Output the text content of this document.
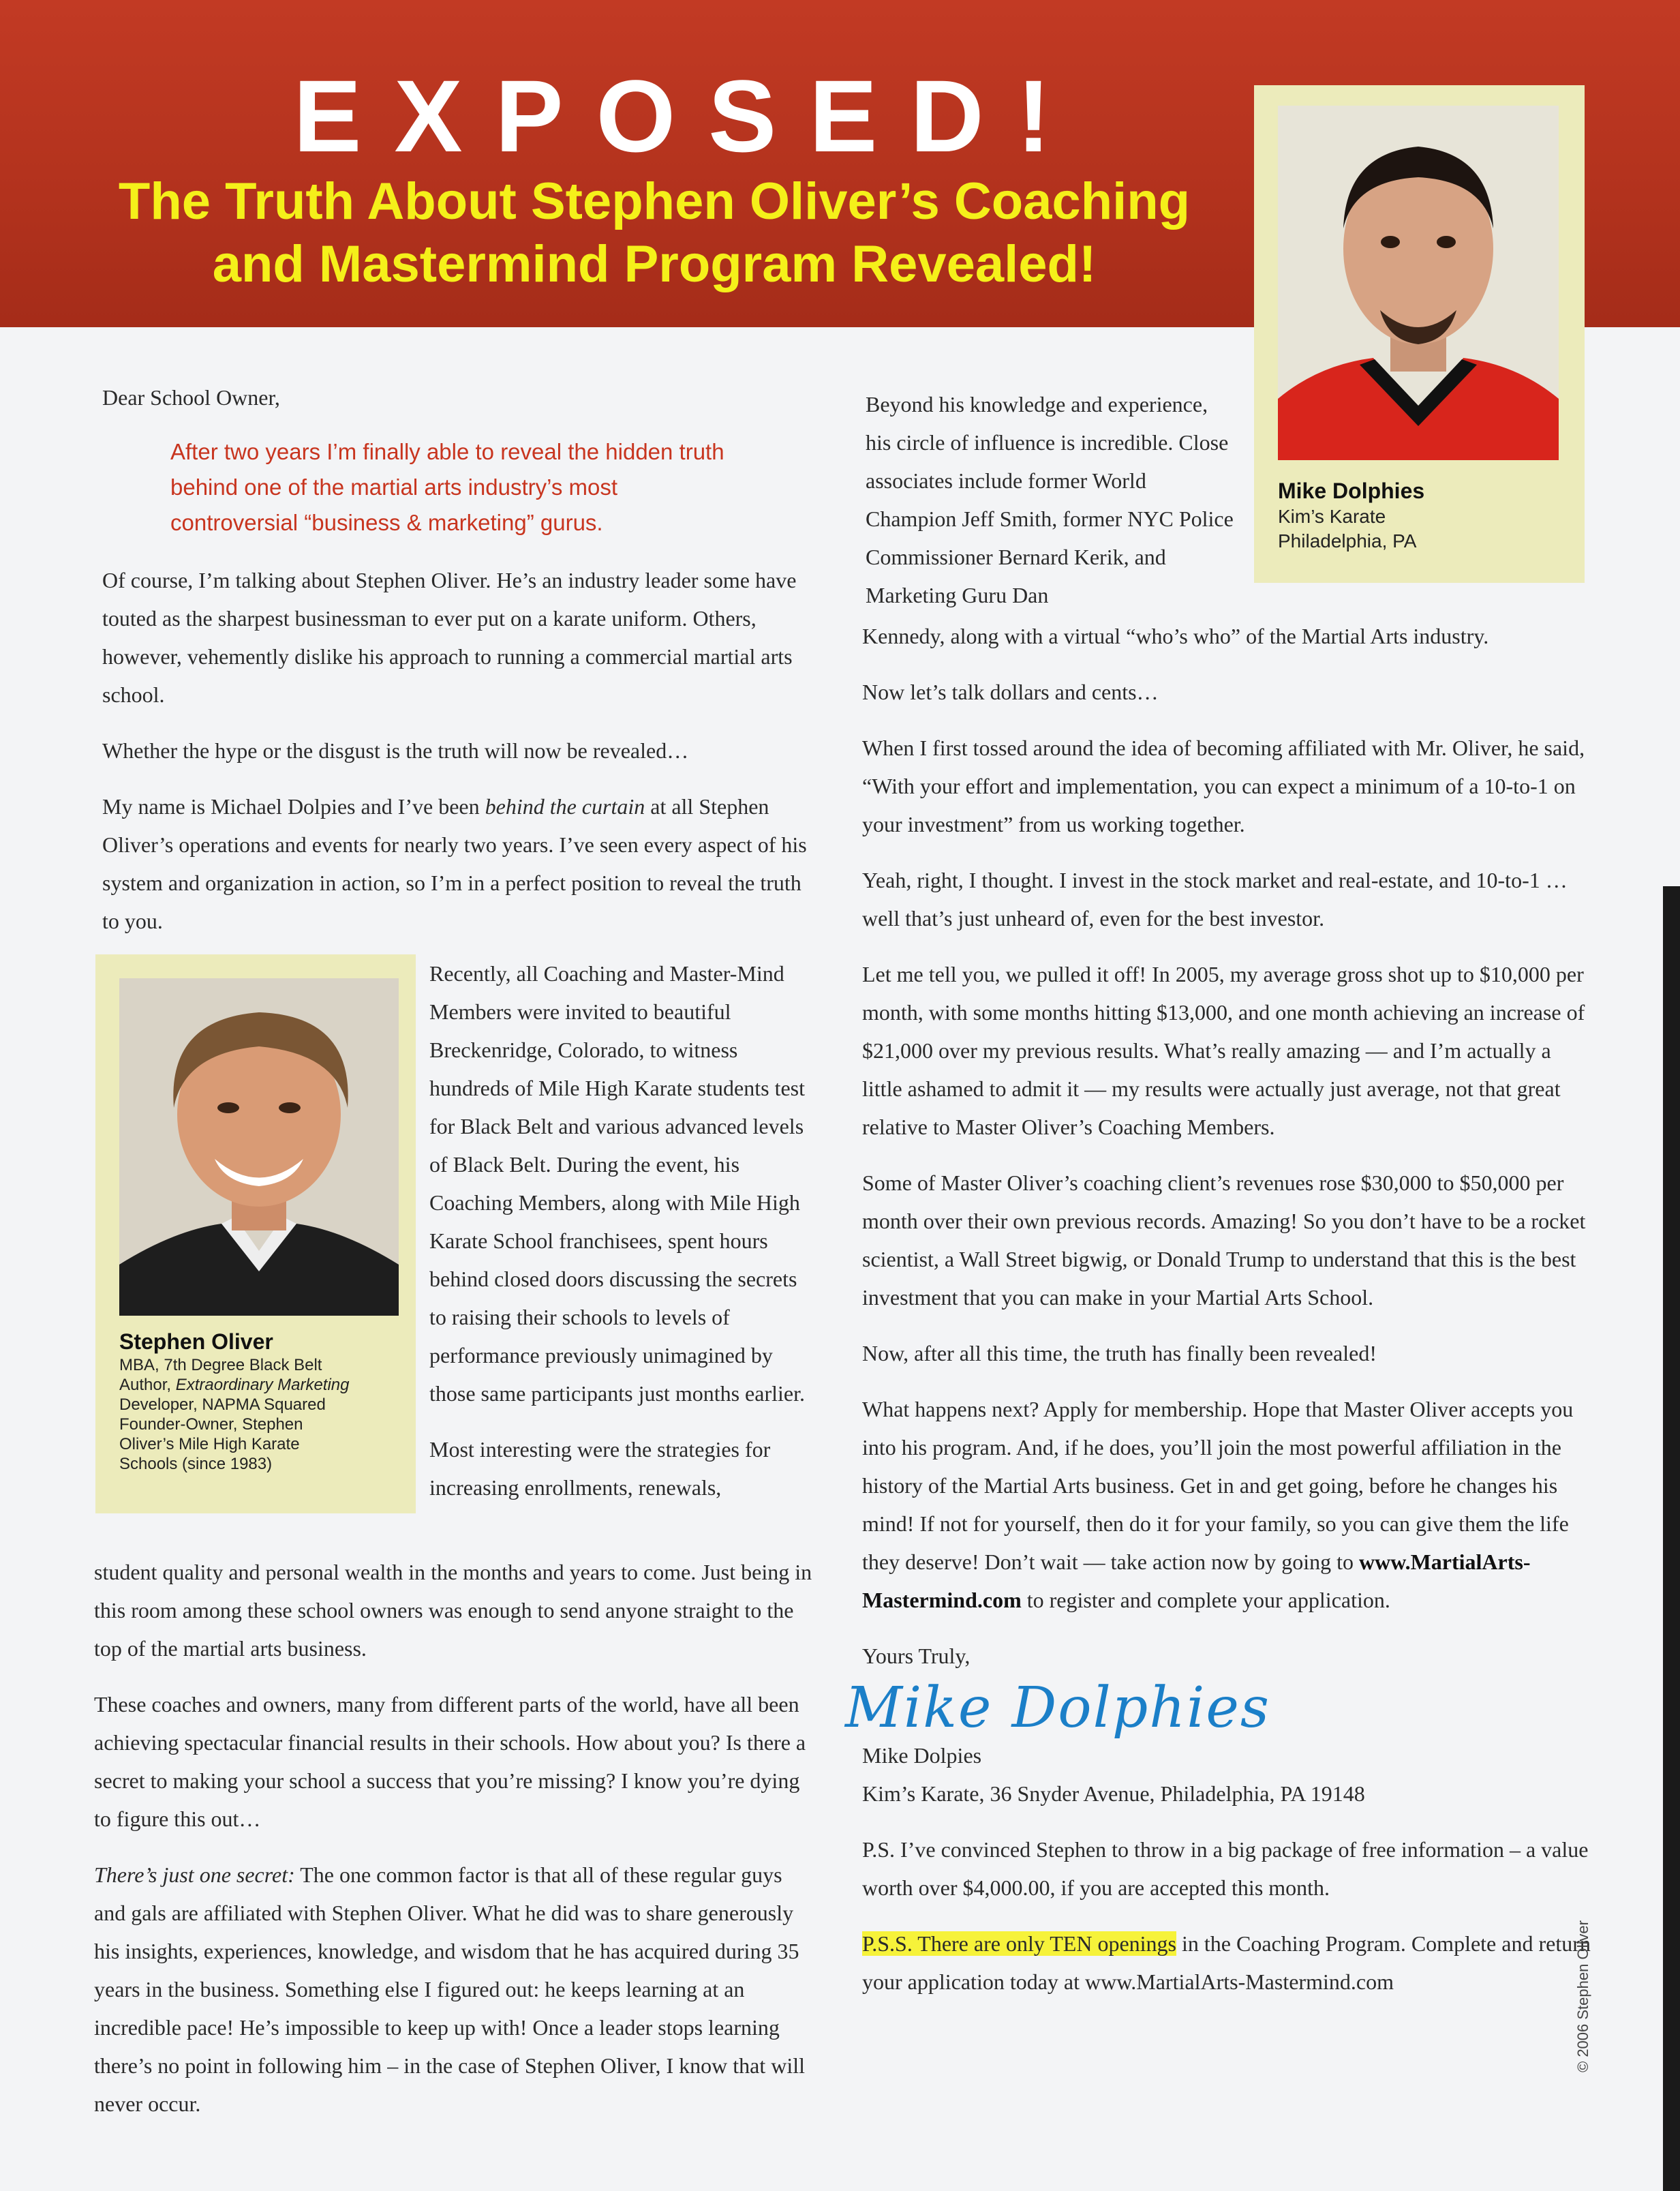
EXPOSED!
The Truth About Stephen Oliver’s Coaching
and Mastermind Program Revealed!
Mike Dolphies
Kim’s Karate
Philadelphia, PA

Dear School Owner,

After two years I’m finally able to reveal the hidden truth behind one of the martial arts industry’s most controversial “business & marketing” gurus.

Of course, I’m talking about Stephen Oliver. He’s an industry leader some have touted as the sharpest businessman to ever put on a karate uniform. Others, however, vehemently dislike his approach to running a commercial martial arts school.

Whether the hype or the disgust is the truth will now be revealed…

My name is Michael Dolpies and I’ve been behind the curtain at all Stephen Oliver’s operations and events for nearly two years. I’ve seen every aspect of his system and organization in action, so I’m in a perfect position to reveal the truth to you.

Stephen Oliver
MBA, 7th Degree Black Belt
Author, Extraordinary Marketing
Developer, NAPMA Squared
Founder-Owner, Stephen
Oliver’s Mile High Karate
Schools (since 1983)

Recently, all Coaching and Master-Mind Members were invited to beautiful Breckenridge, Colorado, to witness hundreds of Mile High Karate students test for Black Belt and various advanced levels of Black Belt. During the event, his Coaching Members, along with Mile High Karate School franchisees, spent hours behind closed doors discussing the secrets to raising their schools to levels of performance previously unimagined by those same participants just months earlier.

Most interesting were the strategies for increasing enrollments, renewals,

student quality and personal wealth in the months and years to come. Just being in this room among these school owners was enough to send anyone straight to the top of the martial arts business.

These coaches and owners, many from different parts of the world, have all been achieving spectacular financial results in their schools. How about you? Is there a secret to making your school a success that you’re missing? I know you’re dying to figure this out…

There’s just one secret: The one common factor is that all of these regular guys and gals are affiliated with Stephen Oliver. What he did was to share generously his insights, experiences, knowledge, and wisdom that he has acquired during 35 years in the business. Something else I figured out: he keeps learning at an incredible pace! He’s impossible to keep up with! Once a leader stops learning there’s no point in following him – in the case of Stephen Oliver, I know that will never occur.

Beyond his knowledge and experience, his circle of influence is incredible. Close associates include former World Champion Jeff Smith, former NYC Police Commissioner Bernard Kerik, and Marketing Guru Dan

Kennedy, along with a virtual “who’s who” of the Martial Arts industry.

Now let’s talk dollars and cents…

When I first tossed around the idea of becoming affiliated with Mr. Oliver, he said, “With your effort and implementation, you can expect a minimum of a 10-to-1 on your investment” from us working together.

Yeah, right, I thought. I invest in the stock market and real-estate, and 10-to-1 … well that’s just unheard of, even for the best investor.

Let me tell you, we pulled it off! In 2005, my average gross shot up to $10,000 per month, with some months hitting $13,000, and one month achieving an increase of $21,000 over my previous results. What’s really amazing — and I’m actually a little ashamed to admit it — my results were actually just average, not that great relative to Master Oliver’s Coaching Members.

Some of Master Oliver’s coaching client’s revenues rose $30,000 to $50,000 per month over their own previous records. Amazing! So you don’t have to be a rocket scientist, a Wall Street bigwig, or Donald Trump to understand that this is the best investment that you can make in your Martial Arts School.

Now, after all this time, the truth has finally been revealed!

What happens next? Apply for membership. Hope that Master Oliver accepts you into his program. And, if he does, you’ll join the most powerful affiliation in the history of the Martial Arts business. Get in and get going, before he changes his mind! If not for yourself, then do it for your family, so you can give them the life they deserve! Don’t wait — take action now by going to www.MartialArts-Mastermind.com to register and complete your application.

Yours Truly,

Mike Dolphies

Mike Dolpies

Kim’s Karate, 36 Snyder Avenue, Philadelphia, PA 19148

P.S. I’ve convinced Stephen to throw in a big package of free information – a value worth over $4,000.00, if you are accepted this month.

P.S.S. There are only TEN openings in the Coaching Program. Complete and return your application today at www.MartialArts-Mastermind.com	© 2006 Stephen Oliver
